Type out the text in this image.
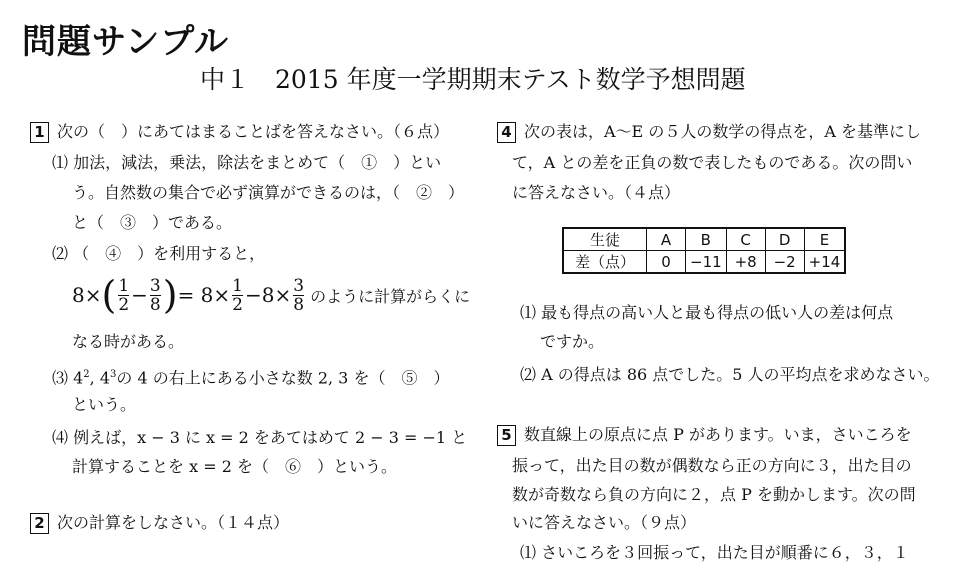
問題サンプル
中１　2015 年度一学期期末テスト数学予想問題
1 次の（　）にあてはまることばを答えなさい。（６点）
⑴ 加法，減法，乗法，除法をまとめて（　①　）とい
う。自然数の集合で必ず演算ができるのは，（　②　）
と（　③　）である。
⑵ （　④　）を利用すると，
8× ( $\frac{1}{2} - \frac{3}{8}$ ) = $8\times \frac{1}{2} -8\times \frac{3}{8}$ のように計算がらくに
なる時がある。
⑶ $4^2$, $4^3$の 4 の右上にある小さな数 2, 3 を（　⑤　）
という。
⑷ 例えば，x − 3 に x = 2 をあてはめて 2 − 3 = −1 と
計算することを x = 2 を（　⑥　）という。
2 次の計算をしなさい。（１４点）
4 次の表は，A～E の５人の数学の得点を，A を基準にし
て，A との差を正負の数で表したものである。次の問い
に答えなさい。（４点）
生徒	A	B	C	D	E
差（点）	0	−11	+8	−2	+14
⑴ 最も得点の高い人と最も得点の低い人の差は何点
ですか。
⑵ A の得点は 86 点でした。5 人の平均点を求めなさい。
5 数直線上の原点に点 P があります。いま，さいころを
振って，出た目の数が偶数なら正の方向に３，出た目の
数が奇数なら負の方向に２，点 P を動かします。次の問
いに答えなさい。（９点）
⑴ さいころを３回振って，出た目が順番に６，３，１
